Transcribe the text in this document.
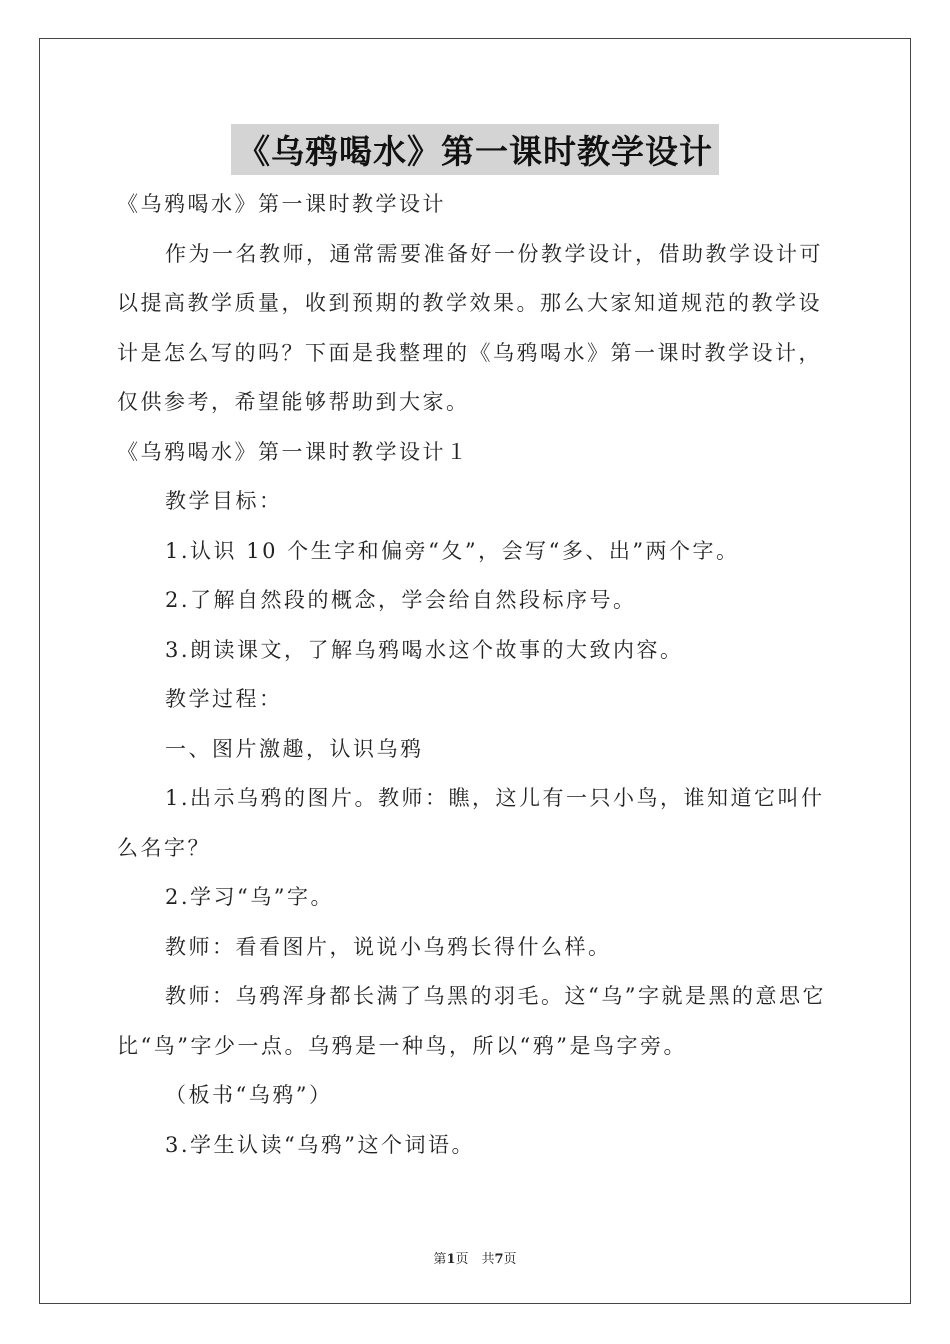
《乌鸦喝水》第一课时教学设计

《乌鸦喝水》第一课时教学设计

作为一名教师，通常需要准备好一份教学设计，借助教学设计可以提高教学质量，收到预期的教学效果。那么大家知道规范的教学设计是怎么写的吗？下面是我整理的《乌鸦喝水》第一课时教学设计，仅供参考，希望能够帮助到大家。

《乌鸦喝水》第一课时教学设计１

教学目标：

1.认识 10 个生字和偏旁“夂”，会写“多、出”两个字。

2.了解自然段的概念，学会给自然段标序号。

3.朗读课文，了解乌鸦喝水这个故事的大致内容。

教学过程：

一、图片激趣，认识乌鸦

1.出示乌鸦的图片。教师：瞧，这儿有一只小鸟，谁知道它叫什么名字？

2.学习“乌”字。

教师：看看图片，说说小乌鸦长得什么样。

教师：乌鸦浑身都长满了乌黑的羽毛。这“乌”字就是黑的意思它比“鸟”字少一点。乌鸦是一种鸟，所以“鸦”是鸟字旁。

（板书“乌鸦”）

3.学生认读“乌鸦”这个词语。

第1页　共7页
